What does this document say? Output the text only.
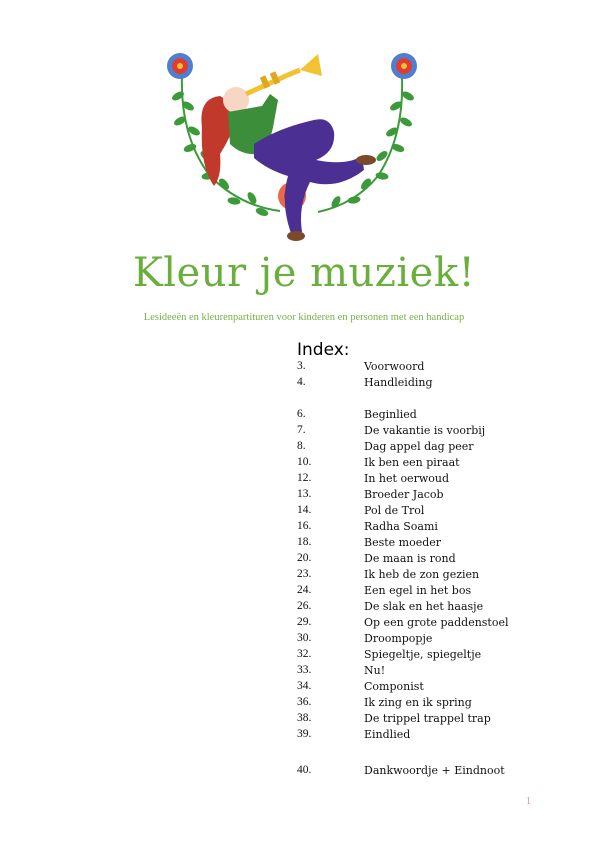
Kleur je muziek!
Lesideeën en kleurenpartituren voor kinderen en personen met een handicap
Index:
3.	Voorwoord
4.	Handleiding
6.	Beginlied
7.	De vakantie is voorbij
8.	Dag appel dag peer
10.	Ik ben een piraat
12.	In het oerwoud
13.	Broeder Jacob
14.	Pol de Trol
16.	Radha Soami
18.	Beste moeder
20.	De maan is rond
23.	Ik heb de zon gezien
24.	Een egel in het bos
26.	De slak en het haasje
29.	Op een grote paddenstoel
30.	Droompopje
32.	Spiegeltje, spiegeltje
33.	Nu!
34.	Componist
36.	Ik zing en ik spring
38.	De trippel trappel trap
39.	Eindlied
40.	Dankwoordje + Eindnoot
1
